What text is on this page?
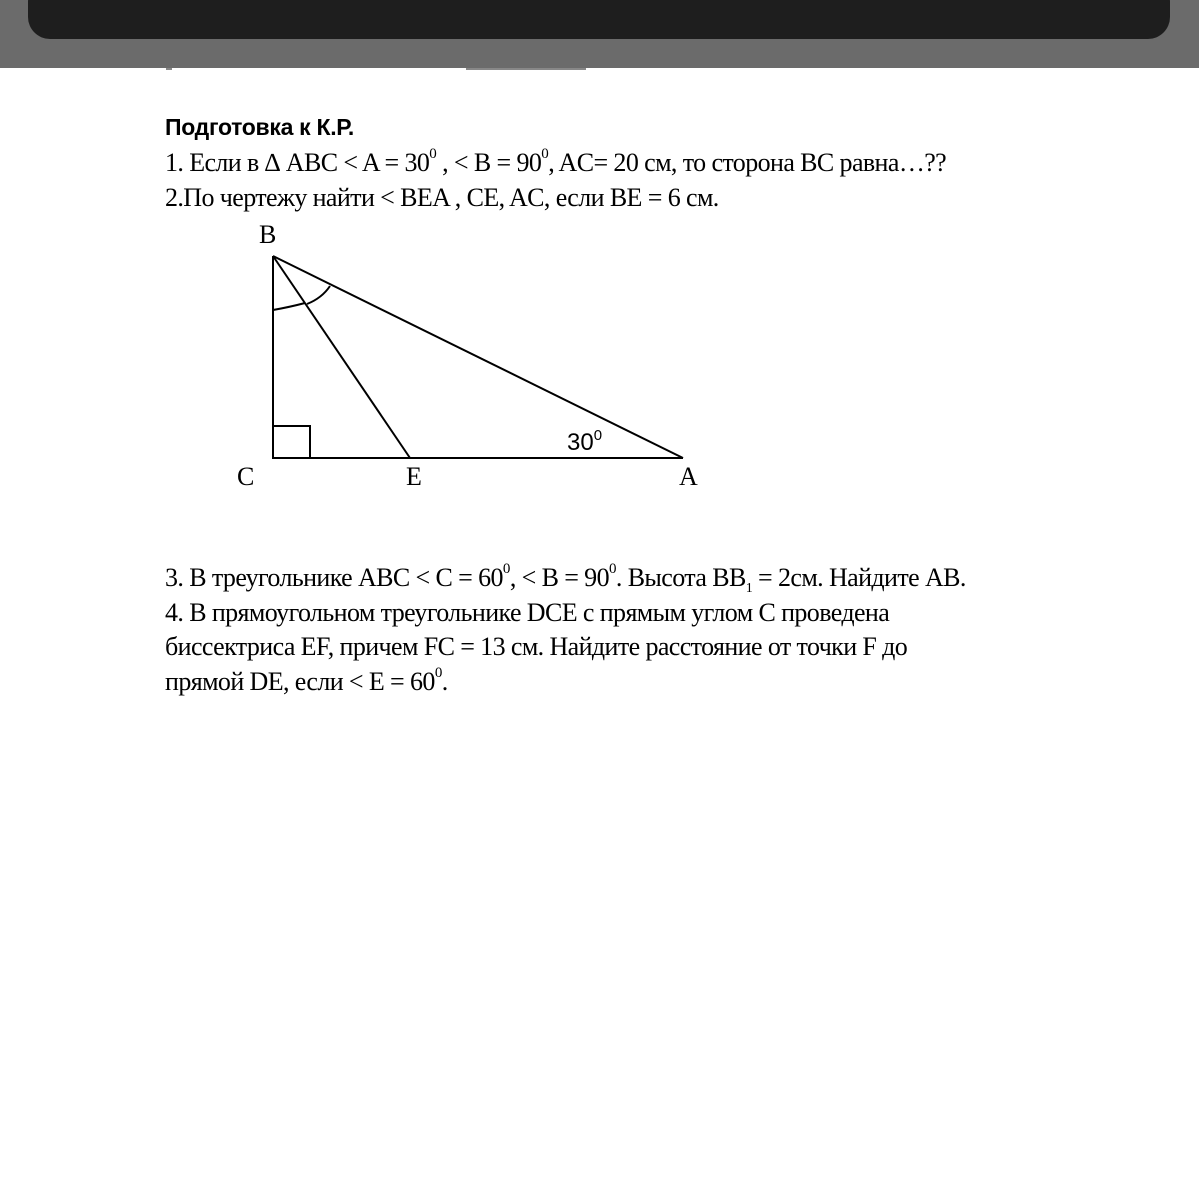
Подготовка к К.Р.
1. Если в ∆ ABC < $A = 30^0$ , < $B = 90^0$, AC= 20 см, то сторона BC равна…??
2.По чертежу найти < BEA , CE, AC, если BE = 6 см.
3. В треугольнике ABC < $C = 60^0$, < $B = 90^0$. Высота $BB_1 = 2см$. Найдите AB.
4. В прямоугольном треугольнике DCE с прямым углом C проведена
биссектриса EF, причем FC = 13 см. Найдите расстояние от точки F до
прямой DE, если < $E = 60^0$.
B
C	E	A
$30^0$
